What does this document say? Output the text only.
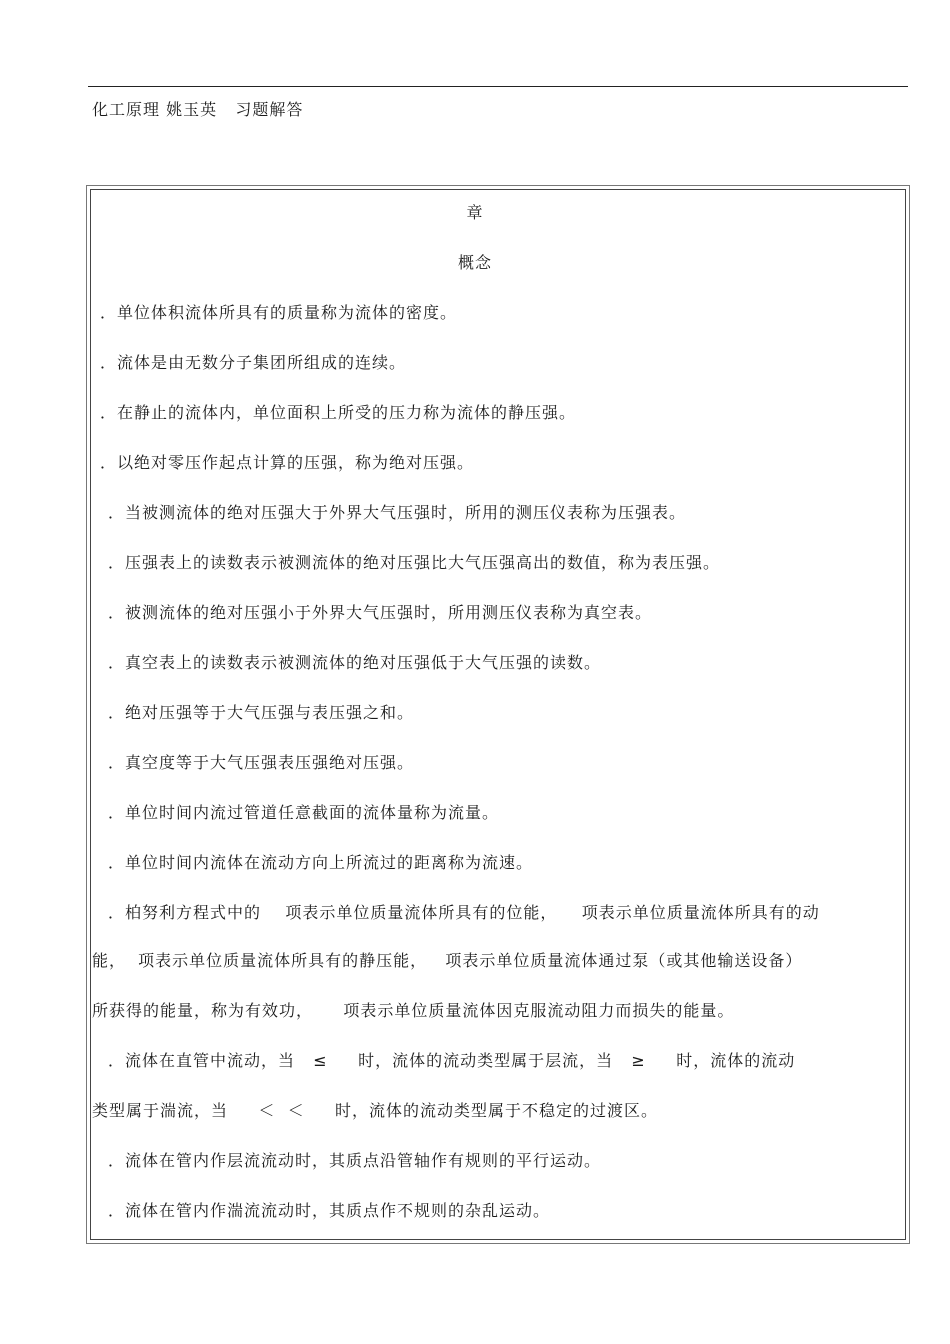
化工原理 姚玉英   习题解答
章
概念
．单位体积流体所具有的质量称为流体的密度。
．流体是由无数分子集团所组成的连续。
．在静止的流体内，单位面积上所受的压力称为流体的静压强。
．以绝对零压作起点计算的压强，称为绝对压强。
．当被测流体的绝对压强大于外界大气压强时，所用的测压仪表称为压强表。
．压强表上的读数表示被测流体的绝对压强比大气压强高出的数值，称为表压强。
．被测流体的绝对压强小于外界大气压强时，所用测压仪表称为真空表。
．真空表上的读数表示被测流体的绝对压强低于大气压强的读数。
．绝对压强等于大气压强与表压强之和。
．真空度等于大气压强表压强绝对压强。
．单位时间内流过管道任意截面的流体量称为流量。
．单位时间内流体在流动方向上所流过的距离称为流速。
．柏努利方程式中的    项表示单位质量流体所具有的位能，    项表示单位质量流体所具有的动
能，  项表示单位质量流体所具有的静压能，   项表示单位质量流体通过泵（或其他输送设备）
所获得的能量，称为有效功，     项表示单位质量流体因克服流动阻力而损失的能量。
．流体在直管中流动，当   ≤     时，流体的流动类型属于层流，当   ≥     时，流体的流动
类型属于湍流，当     ＜  ＜     时，流体的流动类型属于不稳定的过渡区。
．流体在管内作层流流动时，其质点沿管轴作有规则的平行运动。
．流体在管内作湍流流动时，其质点作不规则的杂乱运动。
